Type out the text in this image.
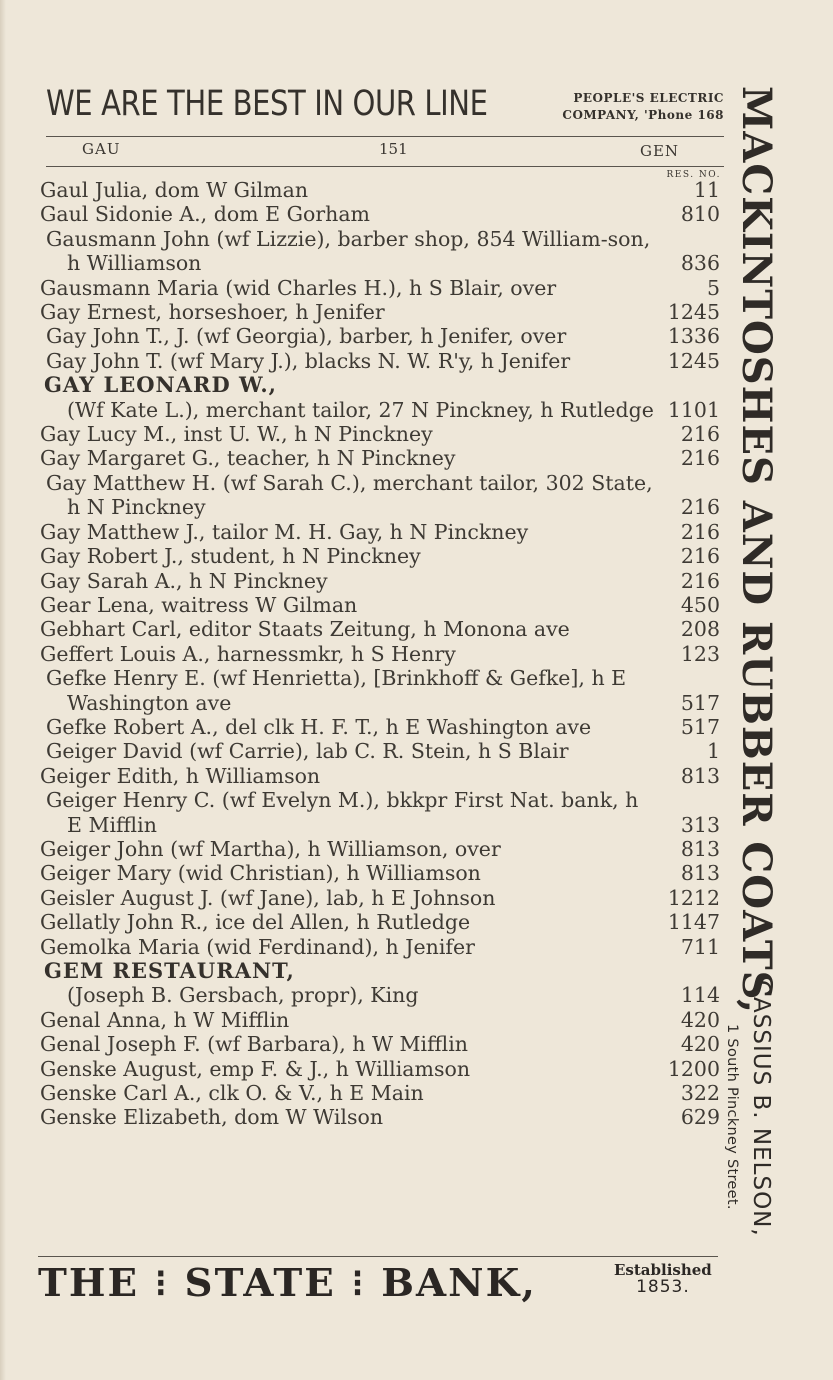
WE ARE THE BEST IN OUR LINE	PEOPLE'S ELECTRIC
COMPANY, 'Phone 168
GAU	151	GEN
RES. NO.
Gaul Julia, dom W Gilman	11
Gaul Sidonie A., dom E Gorham	810
Gausmann John (wf Lizzie), barber shop, 854 William-son, h Williamson	836
Gausmann Maria (wid Charles H.), h S Blair, over	5
Gay Ernest, horseshoer, h Jenifer	1245
Gay John T., J. (wf Georgia), barber, h Jenifer, over	1336
Gay John T. (wf Mary J.), blacks N. W. R'y, h Jenifer	1245
GAY LEONARD W.,
(Wf Kate L.), merchant tailor, 27 N Pinckney, h Rutledge 1101
Gay Lucy M., inst U. W., h N Pinckney	216
Gay Margaret G., teacher, h N Pinckney	216
Gay Matthew H. (wf Sarah C.), merchant tailor, 302 State, h N Pinckney	216
Gay Matthew J., tailor M. H. Gay, h N Pinckney	216
Gay Robert J., student, h N Pinckney	216
Gay Sarah A., h N Pinckney	216
Gear Lena, waitress W Gilman	450
Gebhart Carl, editor Staats Zeitung, h Monona ave	208
Geffert Louis A., harnessmkr, h S Henry	123
Gefke Henry E. (wf Henrietta), [Brinkhoff & Gefke], h E Washington ave	517
Gefke Robert A., del clk H. F. T., h E Washington ave	517
Geiger David (wf Carrie), lab C. R. Stein, h S Blair	1
Geiger Edith, h Williamson	813
Geiger Henry C. (wf Evelyn M.), bkkpr First Nat. bank, h E Mifflin	313
Geiger John (wf Martha), h Williamson, over	813
Geiger Mary (wid Christian), h Williamson	813
Geisler August J. (wf Jane), lab, h E Johnson	1212
Gellatly John R., ice del Allen, h Rutledge	1147
Gemolka Maria (wid Ferdinand), h Jenifer	711
GEM RESTAURANT,
(Joseph B. Gersbach, propr), King	114
Genal Anna, h W Mifflin	420
Genal Joseph F. (wf Barbara), h W Mifflin	420
Genske August, emp F. & J., h Williamson	1200
Genske Carl A., clk O. & V., h E Main	322
Genske Elizabeth, dom W Wilson	629
MACKINTOSHES AND RUBBER COATS,
CASSIUS B. NELSON,
1 South Pinckney Street.
THE ⁝ STATE ⁝ BANK,	Established
1853.
